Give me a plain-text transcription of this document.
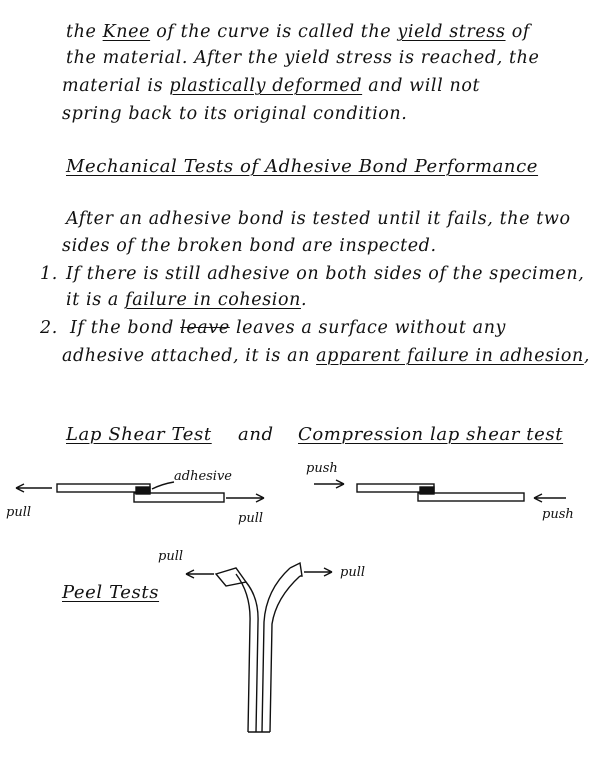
the Knee of the curve is called the yield stress of
the material. After the yield stress is reached, the
material is plastically deformed and will not
spring back to its original condition.
Mechanical Tests of Adhesive Bond Performance
After an adhesive bond is tested until it fails, the two
sides of the broken bond are inspected.
1. If there is still adhesive on both sides of the specimen,
it is a failure in cohesion.
2. If the bond leave leaves a surface without any
adhesive attached, it is an apparent failure in adhesion,
Lap Shear Test and Compression lap shear test
adhesive
pull	pull
push
push
pull
pull
Peel Tests
